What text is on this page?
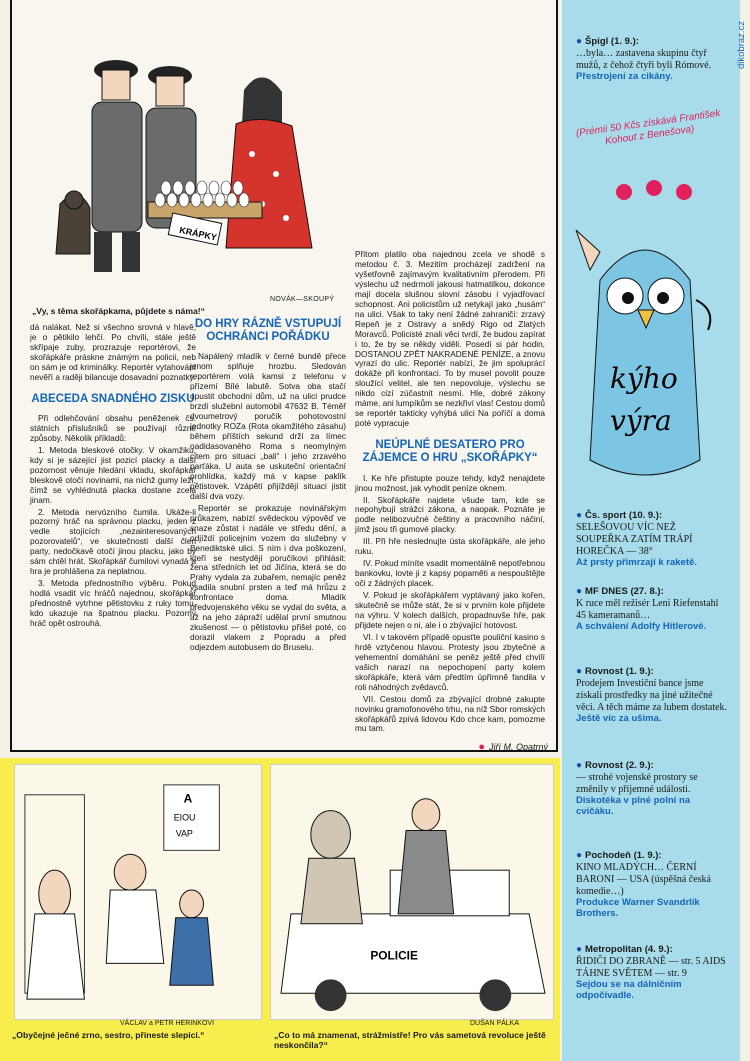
KRÁPKY
NOVÁK—SKOUPÝ
„Vy, s těma skořápkama, půjdete s náma!“

dá nalákat. Než si všechno srovná v hlavě, je o pětikilo lehčí. Po chvíli, stále ještě skřípaje zuby, prozrazuje reportérovi, že skořápkáře práskne známým na policii, neb on sám je od kriminálky. Reportér vytahování nevěří a raději bilancuje dosavadní poznatky.

ABECEDA SNADNÉHO ZISKU

Při odlehčování obsahu peněženek čs. státních příslušníků se používají různé způsoby. Několik příkladů:

1. Metoda bleskové otočky. V okamžiku, kdy si je sázející jist pozicí placky a další pozornost věnuje hledání vkladu, skořápkář bleskově otočí novinami, na nichž gumy leží, čímž se vyhlédnutá placka dostane zcela jinam.

2. Metoda nervózního čumila. Ukáže-li pozorný hráč na správnou placku, jeden z vedle stojících „nezainteresovaných pozorovatelů“, ve skutečnosti další člen party, nedočkavě otočí jinou placku, jako by sám chtěl hrát. Skořápkář čumilovi vynadá a hra je prohlášena za neplatnou.

3. Metoda přednostního výběru. Pokud hodlá vsadit víc hráčů najednou, skořápkář přednostně vytrhne pětistovku z ruky tomu, kdo ukazuje na špatnou placku. Pozorný hráč opět ostrouhá.

DO HRY RÁZNĚ VSTUPUJÍ OCHRÁNCI POŘÁDKU

Napálený mladík v černé bundě přece jenom splňuje hrozbu. Sledován reportérem volá kamsi z telefonu v přízemí Bílé labutě. Sotva oba stačí opustit obchodní dům, už na ulici prudce brzdí služební automobil 47632 B. Téměř dvoumetrový poručík pohotovostní jednotky ROZa (Rota okamžitého zásahu) během příštích sekund drží za límec oadidasovaného Roma s neomylným citem pro situaci „bali“ i jeho zrzavého parťáka. U auta se uskuteční orientační prohlídka, každý má v kapse paklík pětistovek. Vzápětí přijíždějí situaci jistit další dva vozy.

Reportér se prokazuje novinářským průkazem, nabízí svědeckou výpověď ve snaze zůstat i nadále ve středu dění, a odjíždí policejním vozem do služebny v Benediktské ulici. S ním i dva poškození, kteří se nestydějí poručíkovi přihlásit: žena středních let od Jičína, která se do Prahy vydala za zubařem, nemajíc peněz vsadila snubní prsten a teď má hrůzu z konfrontace doma. Mladík předvojenského věku se vydal do světa, a už na jeho zápraží udělal první smutnou zkušenost — o pětistovku přišel poté, co dorazil vlakem z Popradu a před odjezdem autobusem do Bruselu.

Přitom platilo oba najednou zcela ve shodě s metodou č. 3. Mezitím procházejí zadržení na vyšetřovně zajímavým kvalitativním přerodem. Při výslechu už nedrmolí jakousi hatmatilkou, dokonce mají docela slušnou slovní zásobu i vyjadřovací schopnost. Ani policistům už netykají jako „husám“ na ulici. Však to taky není žádné zahraničí: zrzavý Repeň je z Ostravy a snědý Rigo od Zlatých Moravců. Policisté znali věci tvrdí, že budou zapírat i to, že by se někdy viděli. Posedí si pár hodin, DOSTANOU ZPĚT NAKRADENÉ PENÍZE, a znovu vyrazí do ulic. Reportér nabízí, že jim spoluprácí dokáže při konfrontaci. To by musel povolit pouze sloužící velitel, ale ten nepovoluje, výslechu se nikdo cizí zúčastnit nesmí. Hle, dobré zákony máme, ani lumpíkům se nezkřiví vlas! Cestou domů se reportér takticky vyhýbá ulici Na poříčí a doma poté vypracuje

NEÚPLNÉ DESATERO PRO ZÁJEMCE O HRU „SKOŘÁPKY“

I. Ke hře přistupte pouze tehdy, když nenajdete jinou možnost, jak vyhodit peníze oknem.

II. Skořápkáře najdete všude tam, kde se nepohybují strážci zákona, a naopak. Poznáte je podle nelibozvučné češtiny a pracovního náčiní, jímž jsou tři gumové placky.

III. Při hře neslednujte ústa skořápkáře, ale jeho ruku.

IV. Pokud míníte vsadit momentálně nepotřebnou bankovku, lovte ji z kapsy popaměti a nespouštějte oči z žádných placek.

V. Pokud je skořápkářem vyptávaný jako kořen, skutečně se může stát, že si v prvním kole přijdete na výhru. V kolech dalších, propadnuvše hře, pak přijdete nejen o ni, ale i o zbývající hotovost.

VI. I v takovém případě opusťte pouliční kasino s hrdě vztyčenou hlavou. Protesty jsou zbytečné a vehementní domáhání se peněz ještě před chvílí vašich narazí na nepochopení party kolem skořápkáře, která vám předtím úpřímně fandila v roli náhodných zvědavců.

VII. Cestou domů za zbývající drobné zakupte novinku gramofonového trhu, na níž Sbor romských skořápkářů zpívá lidovou Kdo chce kam, pomozme mu tam.

● Jiří M. Opatrný
A
EIOU
VAP
VÁCLAV a PETR HERINKOVI
„Obyčejné ječné zrno, sestro, přineste slepici.“
POLICIE
DUŠAN PÁLKA
„Co to má znamenat, strážmistře! Pro vás sametová revoluce ještě neskončila?“
dikobraz.cz
● Špígl (1. 9.):
…byla… zastavena skupinu čtyř mužů, z čehož čtyři byli Rómové.
Přestrojení za cikány.
(Prémii 50 Kčs získává František Kohout z Benešova)
kýho
výra
● Čs. sport (10. 9.):
SELEŠOVOU VÍC NEŽ SOUPEŘKA ZATÍM TRÁPÍ HOREČKA — 38°
Až prsty přimrzají k raketě.
● MF DNES (27. 8.):
K ruce měl režisér Leni Riefenstahl 45 kameramanů…
A schválení Adolfy Hitlerové.
● Rovnost (1. 9.):
Prodejem Investiční bance jsme získali prostředky na jiné užitečné věci. A těch máme za lubem dostatek.
Ještě víc za ušima.
● Rovnost (2. 9.):
— strohé vojenské prostory se změnily v příjemné události.
Diskotéka v plné polní na cvičáku.
● Pochodeň (1. 9.):
KINO MLADÝCH… ČERNÍ BARONI — USA (úspěšná česká komedie…)
Produkce Warner Svandrlík Brothers.
● Metropolitan (4. 9.):
ŘIDIČI DO ZBRANĚ — str. 5 AIDS TÁHNE SVĚTEM — str. 9
Sejdou se na dálničním odpočívadle.
